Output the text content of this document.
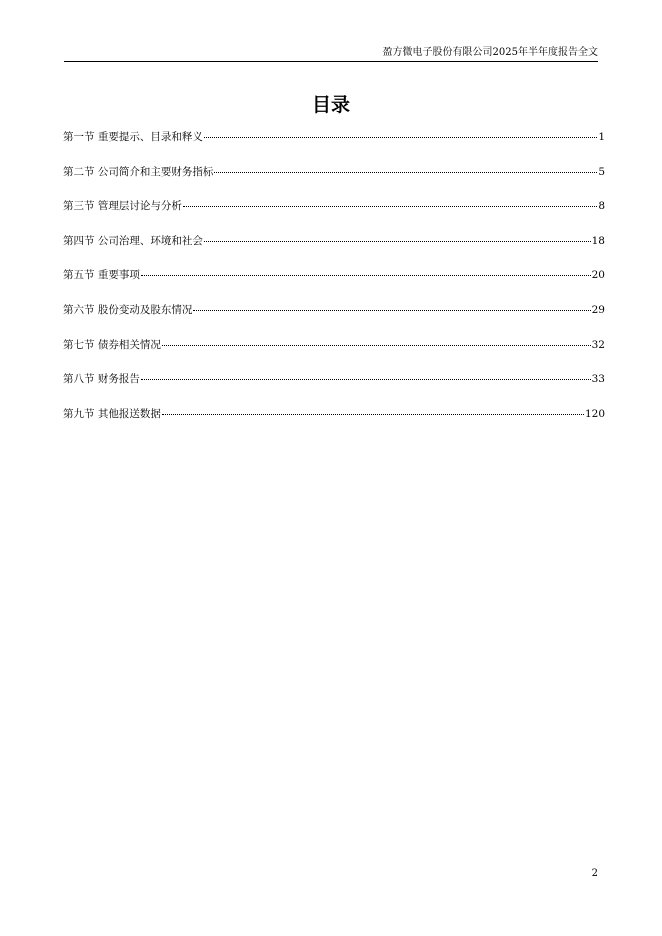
盈方微电子股份有限公司2025年半年度报告全文
目录
第一节 重要提示、目录和释义	1
第二节 公司简介和主要财务指标	5
第三节 管理层讨论与分析	8
第四节 公司治理、环境和社会	18
第五节 重要事项	20
第六节 股份变动及股东情况	29
第七节 债券相关情况	32
第八节 财务报告	33
第九节 其他报送数据	120
2
